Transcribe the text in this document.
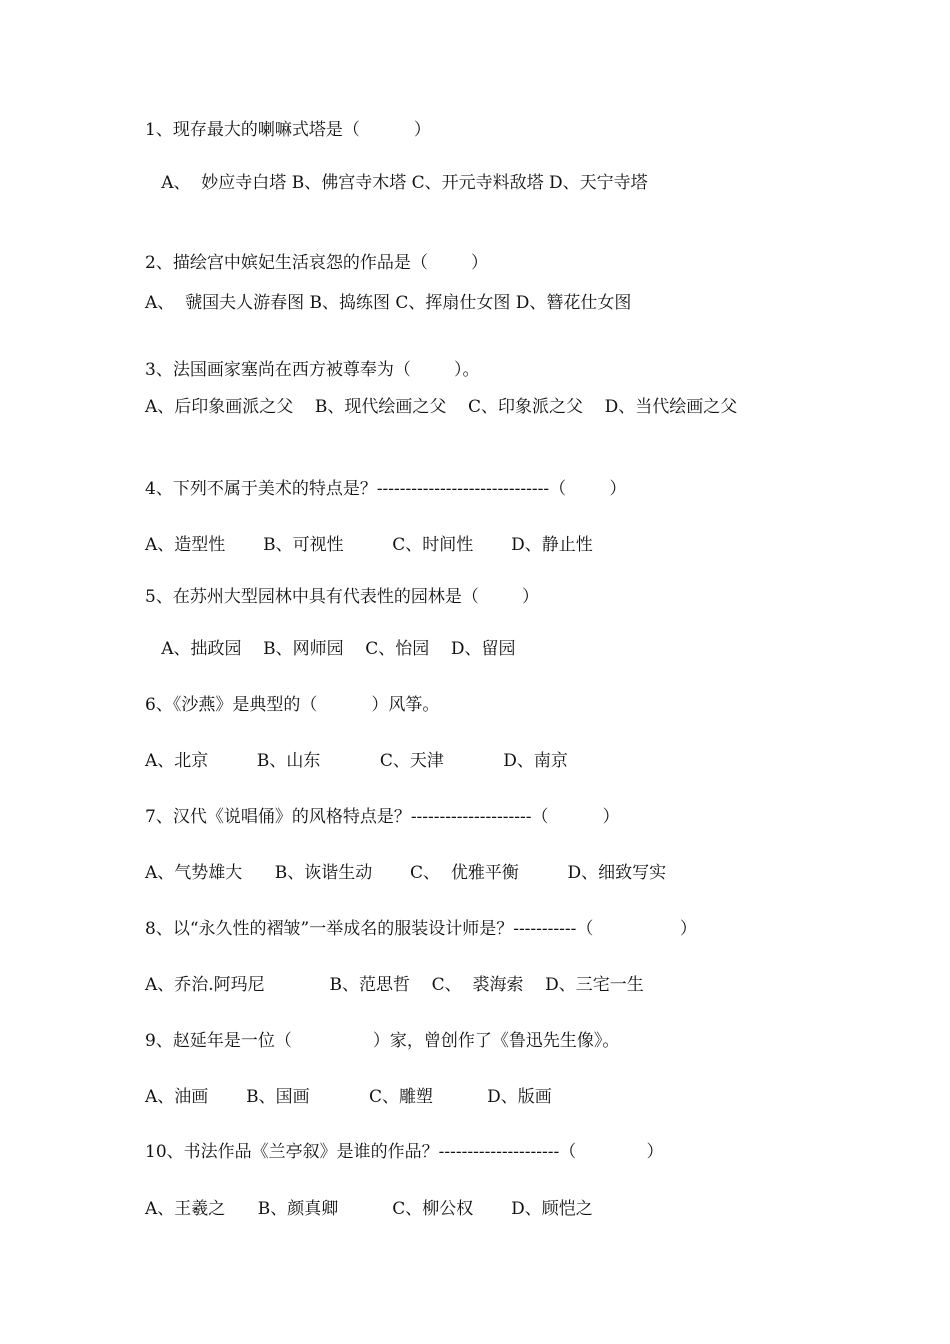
1、现存最大的喇嘛式塔是（          ）

A、  妙应寺白塔 B、佛宫寺木塔 C、开元寺料敌塔 D、天宁寺塔

2、描绘宫中嫔妃生活哀怨的作品是（        ）

A、  虢国夫人游春图 B、捣练图 C、挥扇仕女图 D、簪花仕女图

3、法国画家塞尚在西方被尊奉为（        ）。

A、后印象画派之父    B、现代绘画之父    C、印象派之父    D、当代绘画之父

4、下列不属于美术的特点是？------------------------------（        ）

A、造型性       B、可视性         C、时间性       D、静止性

5、在苏州大型园林中具有代表性的园林是（        ）

A、拙政园    B、网师园    C、怡园    D、留园

6、《沙燕》是典型的（          ）风筝。

A、北京         B、山东           C、天津           D、南京

7、汉代《说唱俑》的风格特点是？---------------------（          ）

A、气势雄大      B、诙谐生动       C、  优雅平衡         D、细致写实

8、以“永久性的褶皱”一举成名的服装设计师是？-----------（                ）

A、乔治.阿玛尼            B、范思哲    C、  裘海索    D、三宅一生

9、赵延年是一位（               ）家，曾创作了《鲁迅先生像》。

A、油画       B、国画           C、雕塑          D、版画

10、书法作品《兰亭叙》是谁的作品？---------------------（             ）

A、王羲之      B、颜真卿          C、柳公权       D、顾恺之
